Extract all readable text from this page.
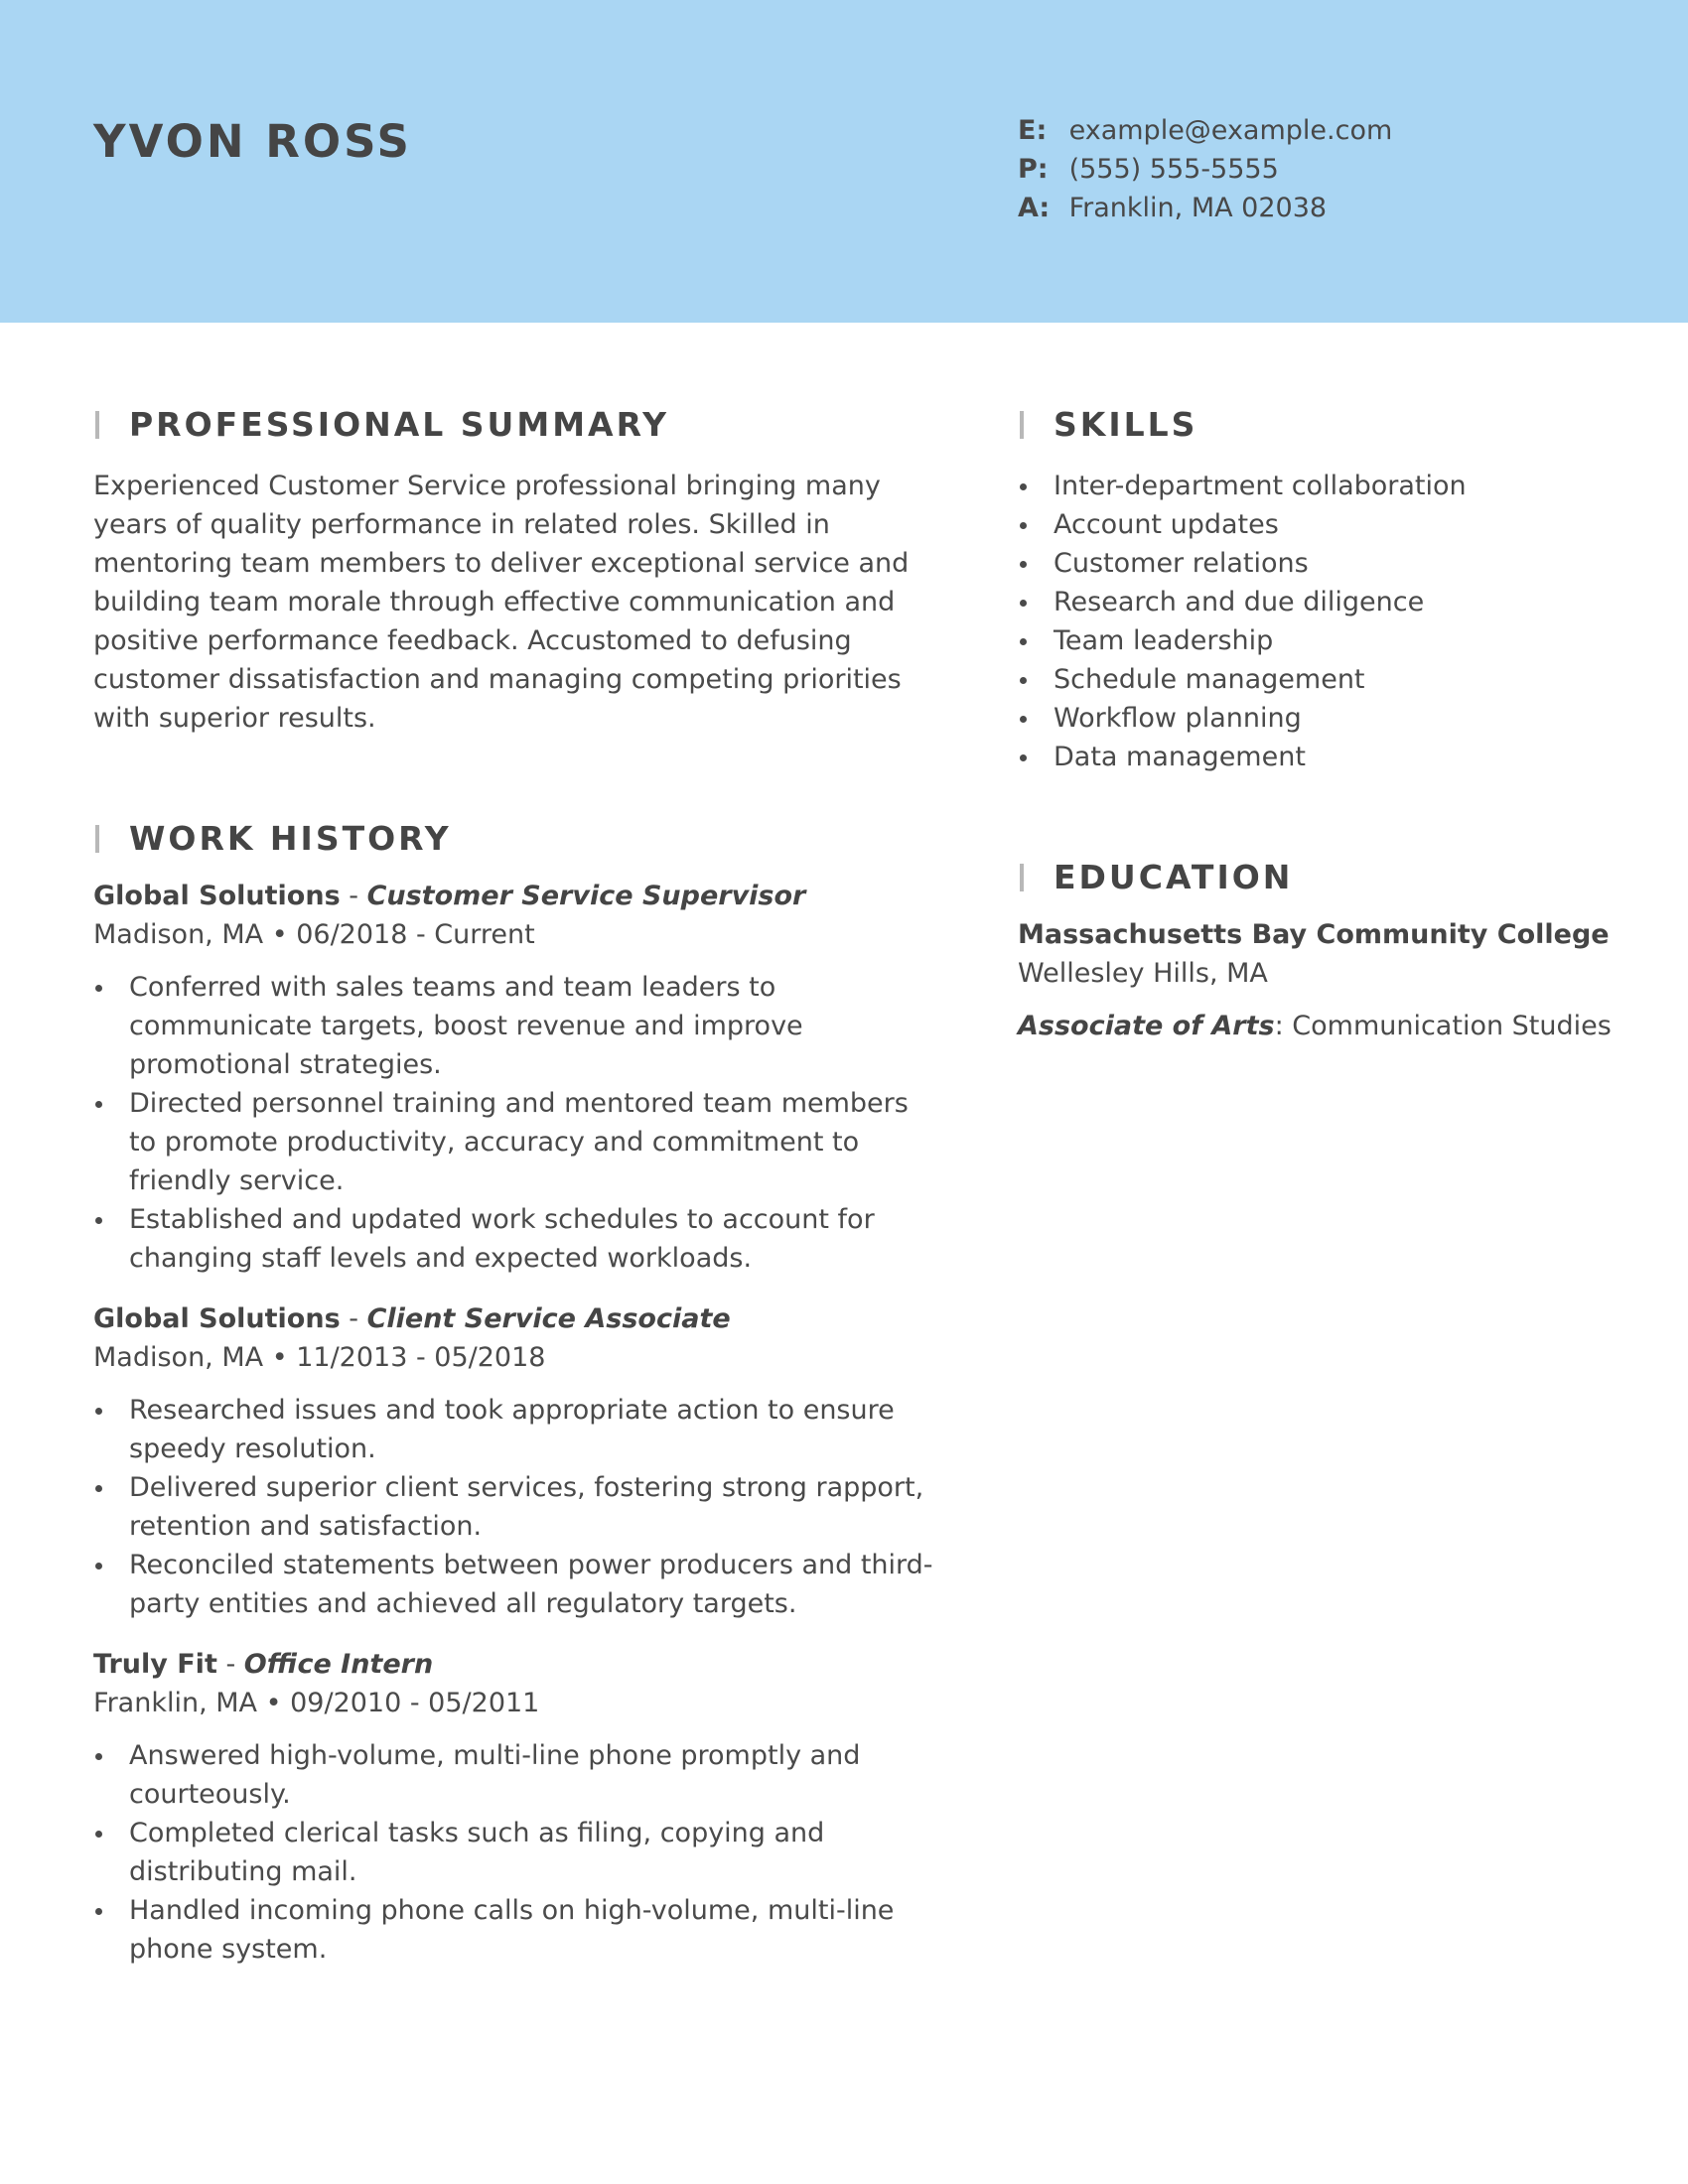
YVON ROSS	E: example@example.com
P: (555) 555-5555
A: Franklin, MA 02038
PROFESSIONAL SUMMARY

Experienced Customer Service professional bringing many years of quality performance in related roles. Skilled in mentoring team members to deliver exceptional service and building team morale through effective communication and positive performance feedback. Accustomed to defusing customer dissatisfaction and managing competing priorities with superior results.

WORK HISTORY
Global Solutions - Customer Service Supervisor
Madison, MA • 06/2018 - Current
Conferred with sales teams and team leaders to communicate targets, boost revenue and improve promotional strategies.
Directed personnel training and mentored team members to promote productivity, accuracy and commitment to friendly service.
Established and updated work schedules to account for changing staff levels and expected workloads.
Global Solutions - Client Service Associate
Madison, MA • 11/2013 - 05/2018
Researched issues and took appropriate action to ensure speedy resolution.
Delivered superior client services, fostering strong rapport, retention and satisfaction.
Reconciled statements between power producers and third-party entities and achieved all regulatory targets.
Truly Fit - Office Intern
Franklin, MA • 09/2010 - 05/2011
Answered high-volume, multi-line phone promptly and courteously.
Completed clerical tasks such as filing, copying and distributing mail.
Handled incoming phone calls on high-volume, multi-line phone system.
SKILLS
Inter-department collaboration
Account updates
Customer relations
Research and due diligence
Team leadership
Schedule management
Workflow planning
Data management
EDUCATION
Massachusetts Bay Community College
Wellesley Hills, MA
Associate of Arts: Communication Studies
